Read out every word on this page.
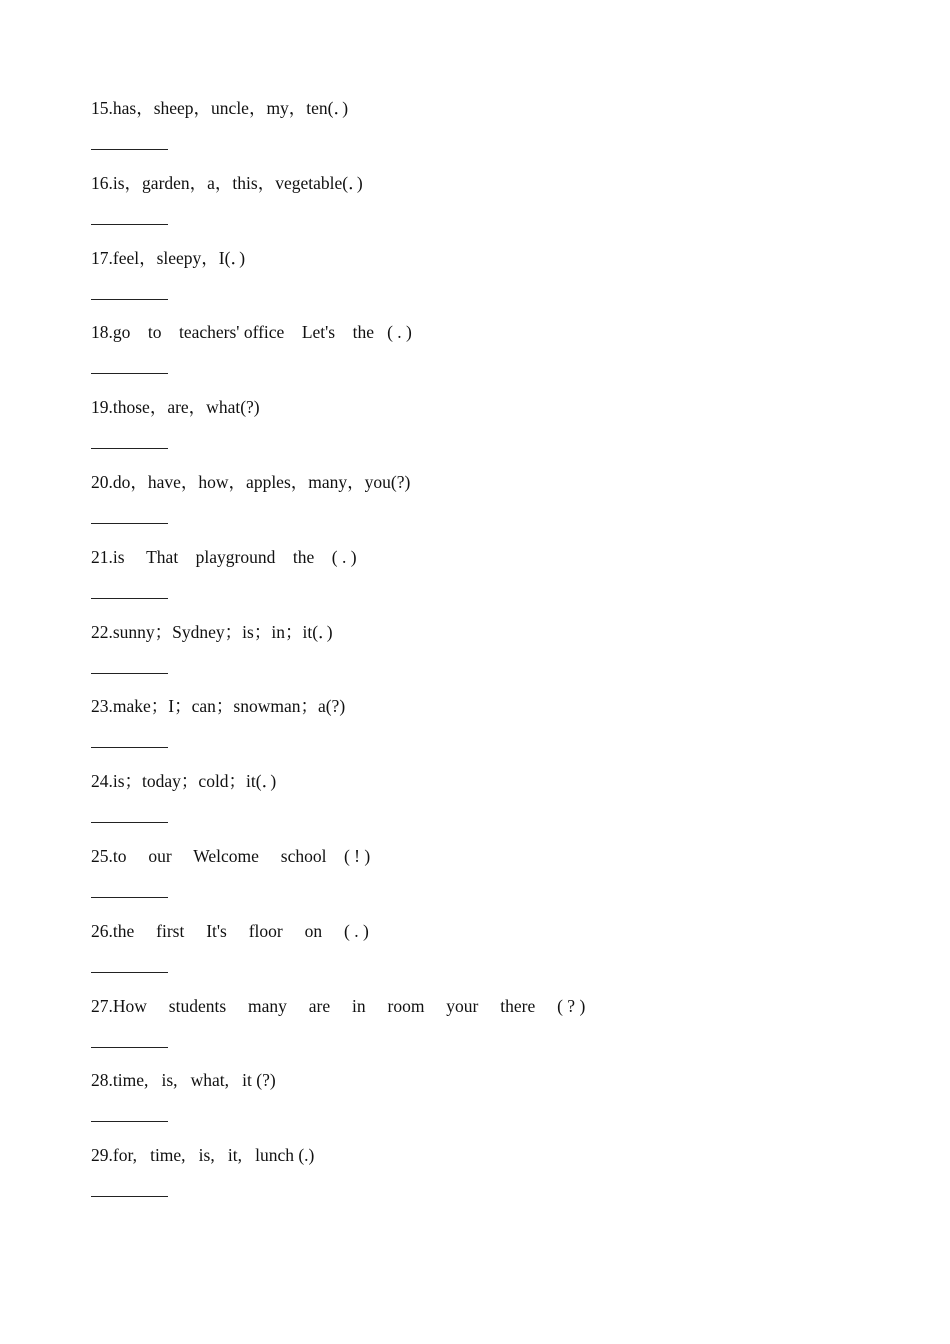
15.has，sheep，uncle，my，ten(．)
16.is，garden，a，this，vegetable(．)
17.feel，sleepy，I(．)
18.go    to    teachers' office    Let's    the   ( . )
19.those，are，what(?)
20.do，have，how，apples，many，you(?)
21.is     That    playground    the    ( . )
22.sunny；Sydney；is；in；it(．)
23.make；I；can；snowman；a(?)
24.is；today；cold；it(．)
25.to     our     Welcome     school    ( ! )
26.the     first     It's     floor     on     ( . )
27.How     students     many     are     in     room     your     there     ( ? )
28.time,   is,   what,   it (?)
29.for,   time,   is,   it,   lunch (.)
